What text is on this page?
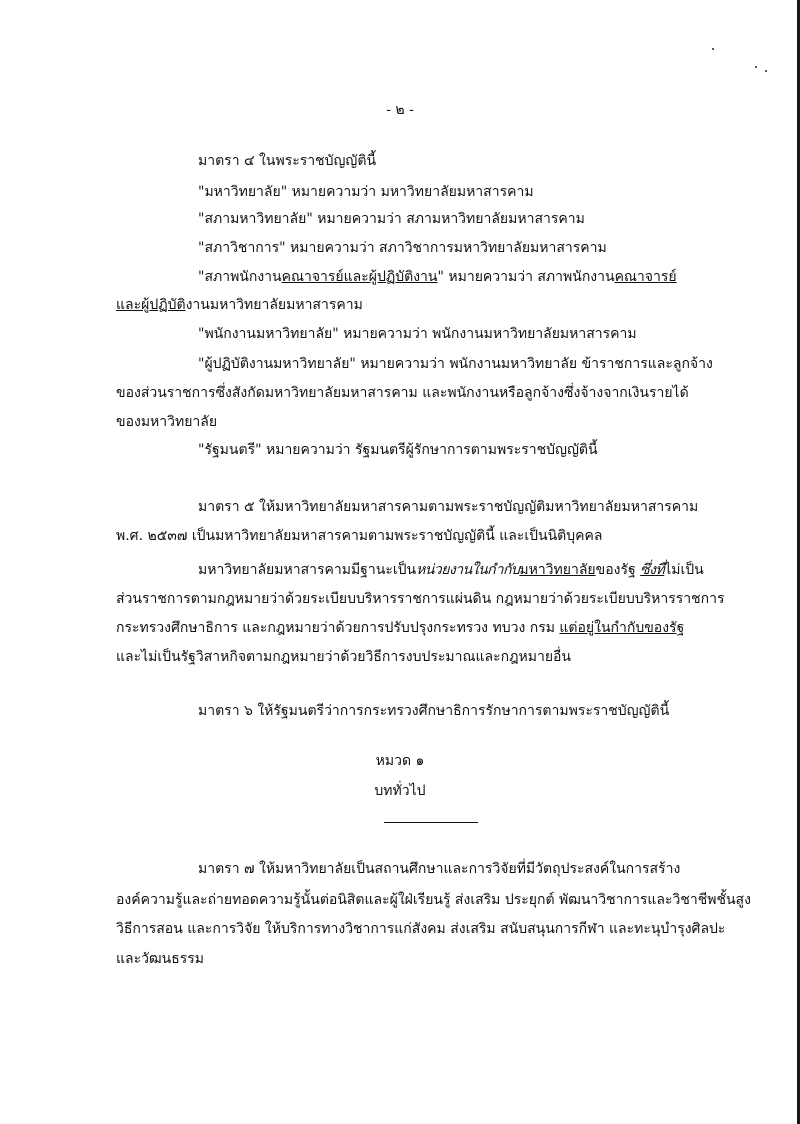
- ๒ -
มาตรา ๔ ในพระราชบัญญัตินี้
"มหาวิทยาลัย" หมายความว่า มหาวิทยาลัยมหาสารคาม
"สภามหาวิทยาลัย" หมายความว่า สภามหาวิทยาลัยมหาสารคาม
"สภาวิชาการ" หมายความว่า สภาวิชาการมหาวิทยาลัยมหาสารคาม
"สภาพนักงานคณาจารย์และผู้ปฏิบัติงาน" หมายความว่า สภาพนักงานคณาจารย์
และผู้ปฏิบัติงานมหาวิทยาลัยมหาสารคาม
"พนักงานมหาวิทยาลัย" หมายความว่า พนักงานมหาวิทยาลัยมหาสารคาม
"ผู้ปฏิบัติงานมหาวิทยาลัย" หมายความว่า พนักงานมหาวิทยาลัย ข้าราชการและลูกจ้าง
ของส่วนราชการซึ่งสังกัดมหาวิทยาลัยมหาสารคาม และพนักงานหรือลูกจ้างซึ่งจ้างจากเงินรายได้
ของมหาวิทยาลัย
"รัฐมนตรี" หมายความว่า รัฐมนตรีผู้รักษาการตามพระราชบัญญัตินี้
มาตรา ๕ ให้มหาวิทยาลัยมหาสารคามตามพระราชบัญญัติมหาวิทยาลัยมหาสารคาม
พ.ศ. ๒๕๓๗ เป็นมหาวิทยาลัยมหาสารคามตามพระราชบัญญัตินี้ และเป็นนิติบุคคล
มหาวิทยาลัยมหาสารคามมีฐานะเป็นหน่วยงานในกำกับมหาวิทยาลัยของรัฐ ซึ่งที่ไม่เป็น
ส่วนราชการตามกฎหมายว่าด้วยระเบียบบริหารราชการแผ่นดิน กฎหมายว่าด้วยระเบียบบริหารราชการ
กระทรวงศึกษาธิการ และกฎหมายว่าด้วยการปรับปรุงกระทรวง ทบวง กรม แต่อยู่ในกำกับของรัฐ
และไม่เป็นรัฐวิสาหกิจตามกฎหมายว่าด้วยวิธีการงบประมาณและกฎหมายอื่น
มาตรา ๖ ให้รัฐมนตรีว่าการกระทรวงศึกษาธิการรักษาการตามพระราชบัญญัตินี้
หมวด ๑
บททั่วไป
มาตรา ๗ ให้มหาวิทยาลัยเป็นสถานศึกษาและการวิจัยที่มีวัตถุประสงค์ในการสร้าง
องค์ความรู้และถ่ายทอดความรู้นั้นต่อนิสิตและผู้ใฝ่เรียนรู้ ส่งเสริม ประยุกต์ พัฒนาวิชาการและวิชาชีพชั้นสูง
วิธีการสอน และการวิจัย ให้บริการทางวิชาการแก่สังคม ส่งเสริม สนับสนุนการกีฬา และทะนุบำรุงศิลปะ
และวัฒนธรรม
